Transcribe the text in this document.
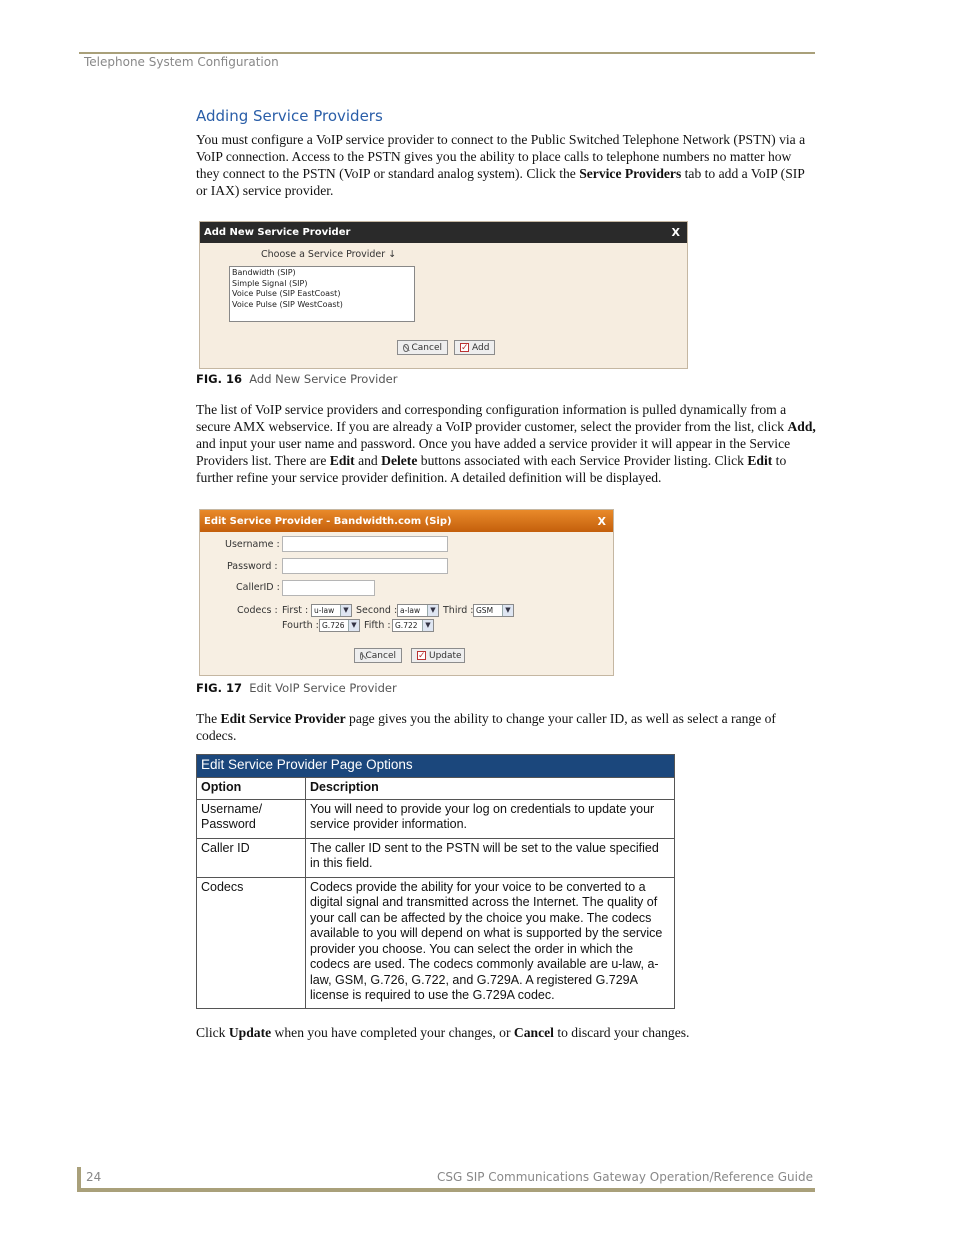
Telephone System Configuration
Adding Service Providers

You must configure a VoIP service provider to connect to the Public Switched Telephone Network (PSTN) via a VoIP connection. Access to the PSTN gives you the ability to place calls to telephone numbers no matter how they connect to the PSTN (VoIP or standard analog system). Click the Service Providers tab to add a VoIP (SIP or IAX) service provider.

Add New Service Provider	X
Choose a Service Provider ↓
Bandwidth (SIP)
Simple Signal (SIP)
Voice Pulse (SIP EastCoast)
Voice Pulse (SIP WestCoast)
Cancel ✓ Add
FIG. 16 Add New Service Provider

The list of VoIP service providers and corresponding configuration information is pulled dynamically from a secure AMX webservice. If you are already a VoIP provider customer, select the provider from the list, click Add, and input your user name and password. Once you have added a service provider it will appear in the Service Providers list. There are Edit and Delete buttons associated with each Service Provider listing. Click Edit to further refine your service provider definition. A detailed definition will be displayed.

Edit Service Provider - Bandwidth.com (Sip)	X
Username :
Password :
CallerID :
Codecs : First : u-law	▼ Second : a-law	▼ Third : GSM	▼
Fourth : G.726 ▼ Fifth : G.722	▼
Cancel ✓ Update
FIG. 17 Edit VoIP Service Provider

The Edit Service Provider page gives you the ability to change your caller ID, as well as select a range of codecs.

Edit Service Provider Page Options	
Option	Description
Username/ Password	You will need to provide your log on credentials to update your service provider information.
Caller ID	The caller ID sent to the PSTN will be set to the value specified in this field.
Codecs	Codecs provide the ability for your voice to be converted to a digital signal and transmitted across the Internet. The quality of your call can be affected by the choice you make. The codecs available to you will depend on what is supported by the service provider you choose. You can select the order in which the codecs are used. The codecs commonly available are u-law, a-law, GSM, G.726, G.722, and G.729A. A registered G.729A license is required to use the G.729A codec.

Click Update when you have completed your changes, or Cancel to discard your changes.

24	CSG SIP Communications Gateway Operation/Reference Guide
